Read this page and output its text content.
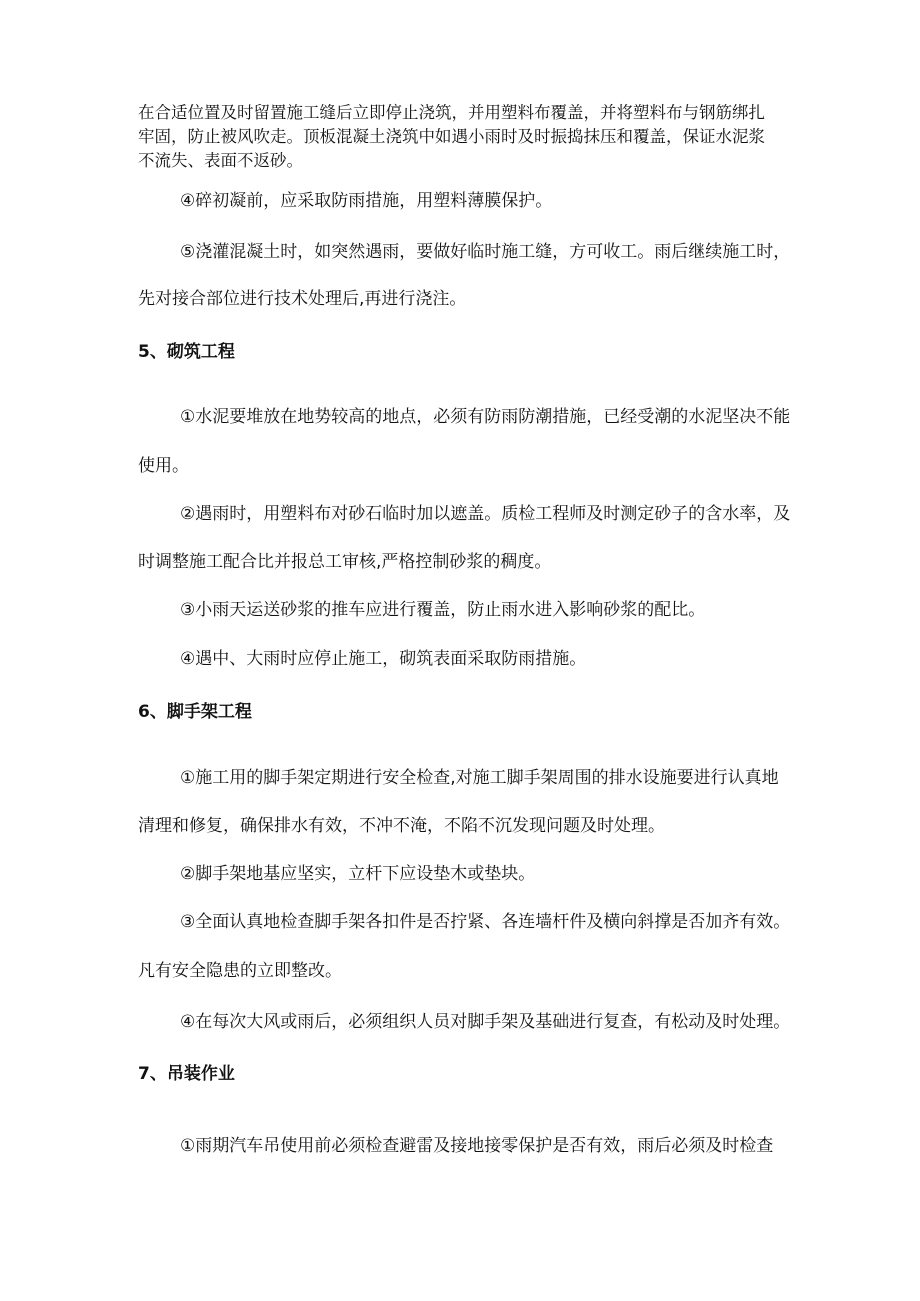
在合适位置及时留置施工缝后立即停止浇筑，并用塑料布覆盖，并将塑料布与钢筋绑扎
牢固，防止被风吹走。顶板混凝土浇筑中如遇小雨时及时振捣抹压和覆盖，保证水泥浆
不流失、表面不返砂。
④碎初凝前，应采取防雨措施，用塑料薄膜保护。
⑤浇灌混凝土时，如突然遇雨，要做好临时施工缝，方可收工。雨后继续施工时，
先对接合部位进行技术处理后,再进行浇注。
5、砌筑工程
①水泥要堆放在地势较高的地点，必须有防雨防潮措施，已经受潮的水泥坚决不能
使用。
②遇雨时，用塑料布对砂石临时加以遮盖。质检工程师及时测定砂子的含水率，及
时调整施工配合比并报总工审核,严格控制砂浆的稠度。
③小雨天运送砂浆的推车应进行覆盖，防止雨水进入影响砂浆的配比。
④遇中、大雨时应停止施工，砌筑表面采取防雨措施。
6、脚手架工程
①施工用的脚手架定期进行安全检查,对施工脚手架周围的排水设施要进行认真地
清理和修复，确保排水有效，不冲不淹，不陷不沉发现问题及时处理。
②脚手架地基应坚实，立杆下应设垫木或垫块。
③全面认真地检查脚手架各扣件是否拧紧、各连墙杆件及横向斜撑是否加齐有效。
凡有安全隐患的立即整改。
④在每次大风或雨后，必须组织人员对脚手架及基础进行复查，有松动及时处理。
7、吊装作业
①雨期汽车吊使用前必须检查避雷及接地接零保护是否有效，雨后必须及时检查
